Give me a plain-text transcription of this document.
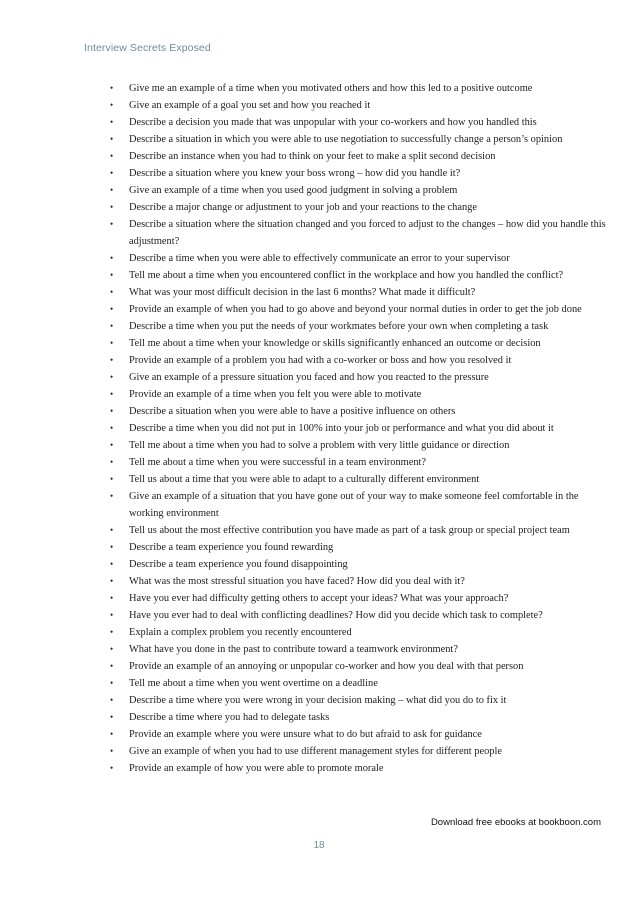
Interview Secrets Exposed
•	Give me an example of a time when you motivated others and how this led to a positive outcome
•	Give an example of a goal you set and how you reached it
•	Describe a decision you made that was unpopular with your co-workers and how you handled this
•	Describe a situation in which you were able to use negotiation to successfully change a person’s opinion
•	Describe an instance when you had to think on your feet to make a split second decision
•	Describe a situation where you knew your boss wrong – how did you handle it?
•	Give an example of a time when you used good judgment in solving a problem
•	Describe a major change or adjustment to your job and your reactions to the change
•	Describe a situation where the situation changed and you forced to adjust to the changes – how did you handle this adjustment?
•	Describe a time when you were able to effectively communicate an error to your supervisor
•	Tell me about a time when you encountered conflict in the workplace and how you handled the conflict?
•	What was your most difficult decision in the last 6 months? What made it difficult?
•	Provide an example of when you had to go above and beyond your normal duties in order to get the job done
•	Describe a time when you put the needs of your workmates before your own when completing a task
•	Tell me about a time when your knowledge or skills significantly enhanced an outcome or decision
•	Provide an example of a problem you had with a co-worker or boss and how you resolved it
•	Give an example of a pressure situation you faced and how you reacted to the pressure
•	Provide an example of a time when you felt you were able to motivate
•	Describe a situation when you were able to have a positive influence on others
•	Describe a time when you did not put in 100% into your job or performance and what you did about it
•	Tell me about a time when you had to solve a problem with very little guidance or direction
•	Tell me about a time when you were successful in a team environment?
•	Tell us about a time that you were able to adapt to a culturally different environment
•	Give an example of a situation that you have gone out of your way to make someone feel comfortable in the working environment
•	Tell us about the most effective contribution you have made as part of a task group or special project team
•	Describe a team experience you found rewarding
•	Describe a team experience you found disappointing
•	What was the most stressful situation you have faced? How did you deal with it?
•	Have you ever had difficulty getting others to accept your ideas? What was your approach?
•	Have you ever had to deal with conflicting deadlines? How did you decide which task to complete?
•	Explain a complex problem you recently encountered
•	What have you done in the past to contribute toward a teamwork environment?
•	Provide an example of an annoying or unpopular co-worker and how you deal with that person
•	Tell me about a time when you went overtime on a deadline
•	Describe a time where you were wrong in your decision making – what did you do to fix it
•	Describe a time where you had to delegate tasks
•	Provide an example where you were unsure what to do but afraid to ask for guidance
•	Give an example of when you had to use different management styles for different people
•	Provide an example of how you were able to promote morale
Download free ebooks at bookboon.com
18
